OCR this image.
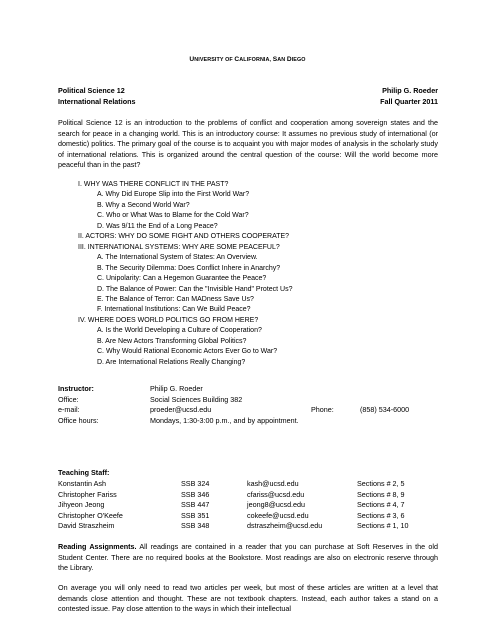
UNIVERSITY OF CALIFORNIA, SAN DIEGO
Political Science 12	Philip G. Roeder
International Relations	Fall Quarter 2011
Political Science 12 is an introduction to the problems of conflict and cooperation among sovereign states and the search for peace in a changing world. This is an introductory course: It assumes no previous study of international (or domestic) politics. The primary goal of the course is to acquaint you with major modes of analysis in the scholarly study of international relations. This is organized around the central question of the course: Will the world become more peaceful than in the past?
I. WHY WAS THERE CONFLICT IN THE PAST?
A. Why Did Europe Slip into the First World War?
B. Why a Second World War?
C. Who or What Was to Blame for the Cold War?
D. Was 9/11 the End of a Long Peace?
II. ACTORS: WHY DO SOME FIGHT AND OTHERS COOPERATE?
III. INTERNATIONAL SYSTEMS: WHY ARE SOME PEACEFUL?
A. The International System of States: An Overview.
B. The Security Dilemma: Does Conflict Inhere in Anarchy?
C. Unipolarity: Can a Hegemon Guarantee the Peace?
D. The Balance of Power: Can the "Invisible Hand" Protect Us?
E. The Balance of Terror: Can MADness Save Us?
F. International Institutions: Can We Build Peace?
IV. WHERE DOES WORLD POLITICS GO FROM HERE?
A. Is the World Developing a Culture of Cooperation?
B. Are New Actors Transforming Global Politics?
C. Why Would Rational Economic Actors Ever Go to War?
D. Are International Relations Really Changing?
Instructor:	Philip G. Roeder
Office:	Social Sciences Building 382
e-mail:	proeder@ucsd.edu	Phone:	(858) 534-6000
Office hours:	Mondays, 1:30-3:00 p.m., and by appointment.
Teaching Staff:
Konstantin Ash	SSB 324	kash@ucsd.edu	Sections # 2, 5
Christopher Fariss	SSB 346	cfariss@ucsd.edu	Sections # 8, 9
Jihyeon Jeong	SSB 447	jeong8@ucsd.edu	Sections # 4, 7
Christopher O'Keefe	SSB 351	cokeefe@ucsd.edu	Sections # 3, 6
David Straszheim	SSB 348	dstraszheim@ucsd.edu	Sections # 1, 10
Reading Assignments. All readings are contained in a reader that you can purchase at Soft Reserves in the old Student Center. There are no required books at the Bookstore. Most readings are also on electronic reserve through the Library.
On average you will only need to read two articles per week, but most of these articles are written at a level that demands close attention and thought. These are not textbook chapters. Instead, each author takes a stand on a contested issue. Pay close attention to the ways in which their intellectual
